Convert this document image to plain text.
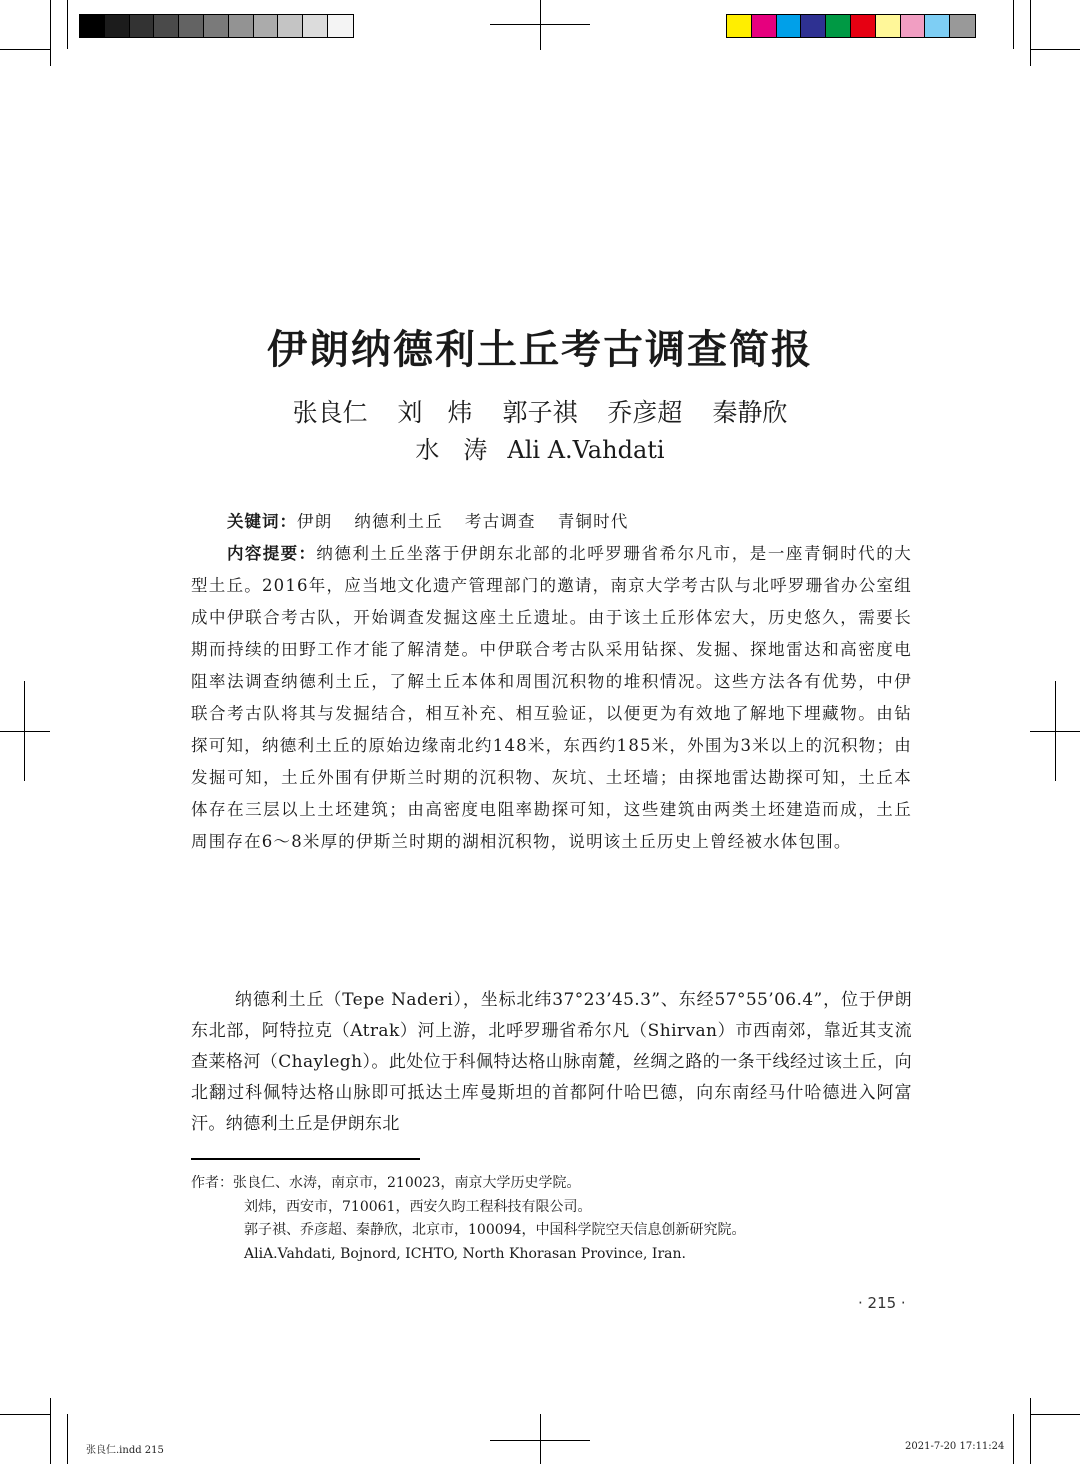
伊朗纳德利土丘考古调查简报
张良仁 刘　炜 郭子祺 乔彦超 秦静欣
水　涛 Ali A.Vahdati
关键词：伊朗 纳德利土丘 考古调查 青铜时代
内容提要：纳德利土丘坐落于伊朗东北部的北呼罗珊省希尔凡市，是一座青铜时代的大型土丘。2016年，应当地文化遗产管理部门的邀请，南京大学考古队与北呼罗珊省办公室组成中伊联合考古队，开始调查发掘这座土丘遗址。由于该土丘形体宏大，历史悠久，需要长期而持续的田野工作才能了解清楚。中伊联合考古队采用钻探、发掘、探地雷达和高密度电阻率法调查纳德利土丘，了解土丘本体和周围沉积物的堆积情况。这些方法各有优势，中伊联合考古队将其与发掘结合，相互补充、相互验证，以便更为有效地了解地下埋藏物。由钻探可知，纳德利土丘的原始边缘南北约148米，东西约185米，外围为3米以上的沉积物；由发掘可知，土丘外围有伊斯兰时期的沉积物、灰坑、土坯墙；由探地雷达勘探可知，土丘本体存在三层以上土坯建筑；由高密度电阻率勘探可知，这些建筑由两类土坯建造而成，土丘周围存在6～8米厚的伊斯兰时期的湖相沉积物，说明该土丘历史上曾经被水体包围。
纳德利土丘（Tepe Naderi），坐标北纬37°23’45.3”、东经57°55’06.4”，位于伊朗东北部，阿特拉克（Atrak）河上游，北呼罗珊省希尔凡（Shirvan）市西南郊，靠近其支流查莱格河（Chaylegh）。此处位于科佩特达格山脉南麓，丝绸之路的一条干线经过该土丘，向北翻过科佩特达格山脉即可抵达土库曼斯坦的首都阿什哈巴德，向东南经马什哈德进入阿富汗。纳德利土丘是伊朗东北
作者：张良仁、水涛，南京市，210023，南京大学历史学院。
刘炜，西安市，710061，西安久昀工程科技有限公司。
郭子祺、乔彦超、秦静欣，北京市，100094，中国科学院空天信息创新研究院。
AliA.Vahdati, Bojnord, ICHTO, North Khorasan Province, Iran.
· 215 ·
张良仁.indd 215	2021-7-20 17:11:24
